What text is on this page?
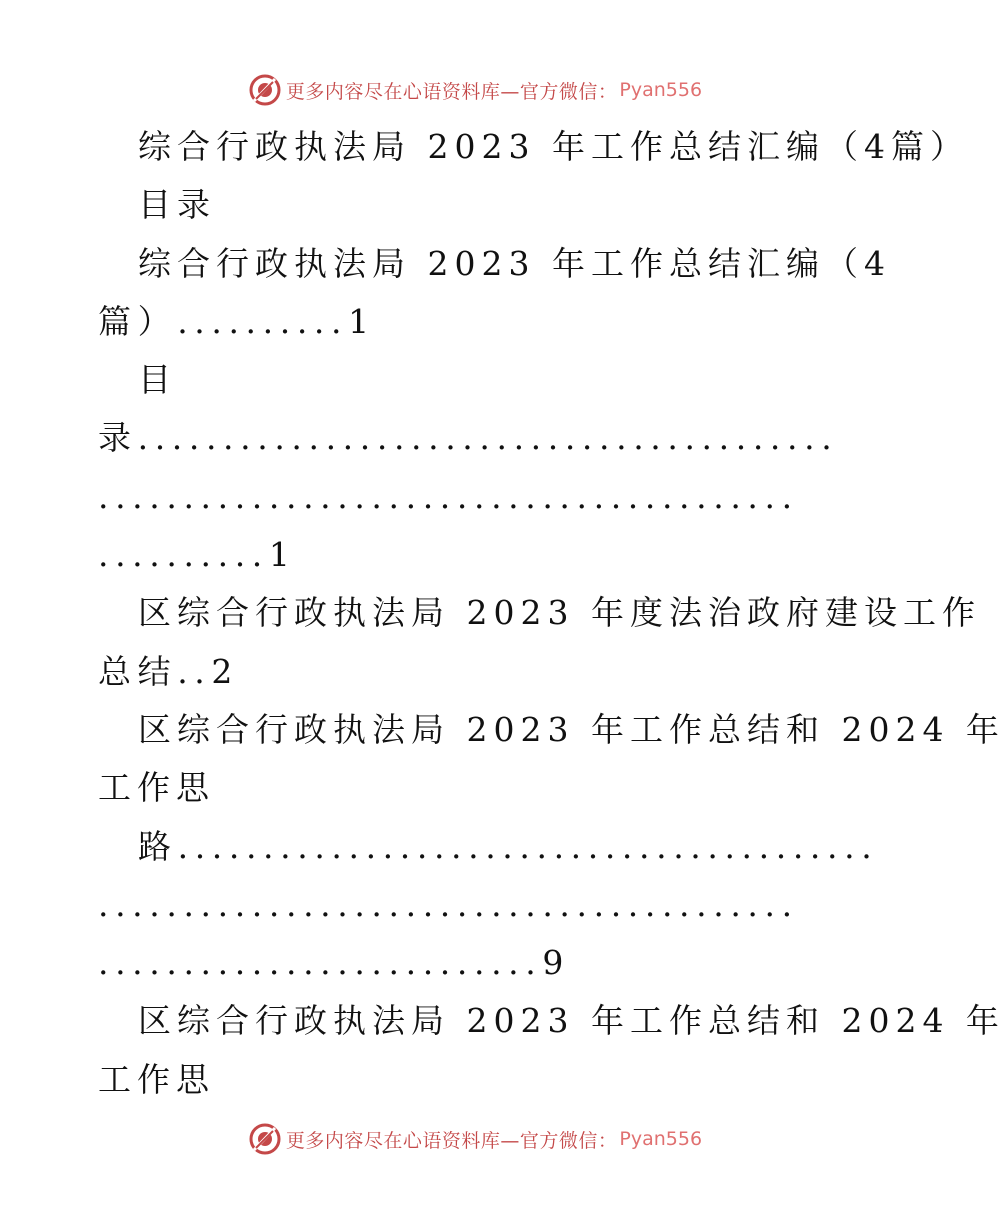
更多内容尽在心语资料库—官方微信： Pyan556
综合行政执法局 2023 年工作总结汇编（4篇）
目录
综合行政执法局 2023 年工作总结汇编（4
篇）..........1
目
录.........................................
.........................................
..........1
区综合行政执法局 2023 年度法治政府建设工作
总结..2
区综合行政执法局 2023 年工作总结和 2024 年
工作思
路.........................................
.........................................
..........................9
区综合行政执法局 2023 年工作总结和 2024 年
工作思
更多内容尽在心语资料库—官方微信： Pyan556
